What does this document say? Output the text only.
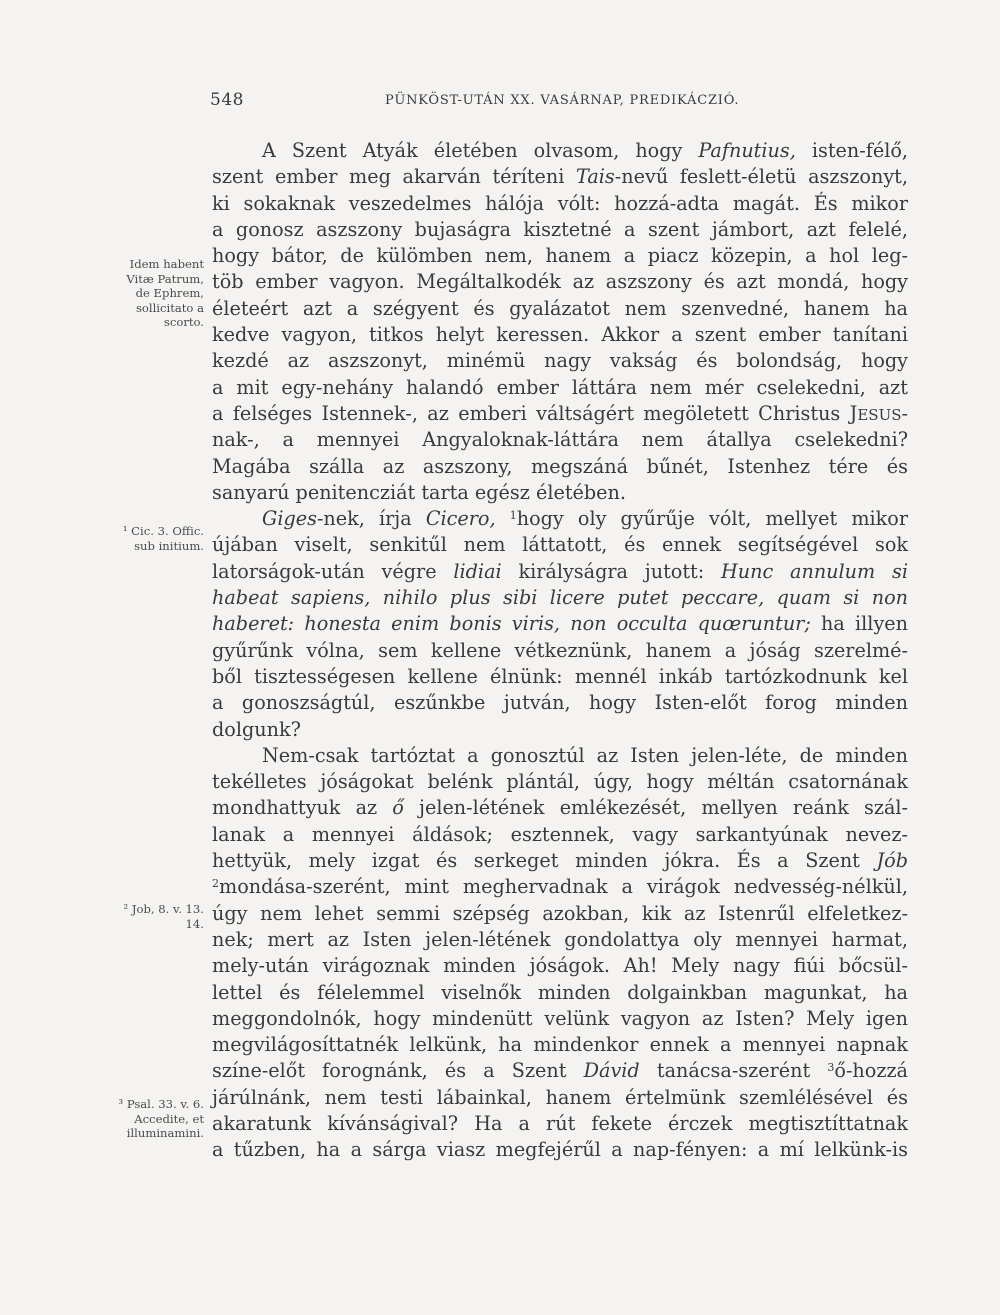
548	PÜNKÖST-UTÁN XX. VASÁRNAP, PREDIKÁCZIÓ.
Idem habent
Vitæ Patrum,
de Ephrem,
sollicitato a
scorto.
¹ Cic. 3. Offic.
sub initium.
² Job, 8. v. 13.
14.
³ Psal. 33. v. 6.
Accedite, et
illuminamini.
A Szent Atyák életében olvasom, hogy Pafnutius, isten-félő,
szent ember meg akarván téríteni Tais-nevű feslett-életü aszszonyt,
ki sokaknak veszedelmes hálója vólt: hozzá-adta magát. És mikor
a gonosz aszszony bujaságra kisztetné a szent jámbort, azt felelé,
hogy bátor, de külömben nem, hanem a piacz közepin, a hol leg-
töb ember vagyon. Megáltalkodék az aszszony és azt mondá, hogy
életeért azt a szégyent és gyalázatot nem szenvedné, hanem ha
kedve vagyon, titkos helyt keressen. Akkor a szent ember tanítani
kezdé az aszszonyt, minémü nagy vakság és bolondság, hogy
a mit egy-nehány halandó ember láttára nem mér cselekedni, azt
a felséges Istennek-, az emberi váltságért megöletett Christus JESUS-
nak-, a mennyei Angyaloknak-láttára nem átallya cselekedni?
Magába szálla az aszszony, megszáná bűnét, Istenhez tére és
sanyarú penitencziát tarta egész életében.
Giges-nek, írja Cicero, $^1$hogy oly gyűrűje vólt, mellyet mikor
újában viselt, senkitűl nem láttatott, és ennek segítségével sok
latorságok-után végre lidiai királyságra jutott: Hunc annulum si
habeat sapiens, nihilo plus sibi licere putet peccare, quam si non
haberet: honesta enim bonis viris, non occulta quœruntur; ha illyen
gyűrűnk vólna, sem kellene vétkeznünk, hanem a jóság szerelmé-
ből tisztességesen kellene élnünk: mennél inkáb tartózkodnunk kel
a gonoszságtúl, eszűnkbe jutván, hogy Isten-előt forog minden
dolgunk?
Nem-csak tartóztat a gonosztúl az Isten jelen-léte, de minden
tekélletes jóságokat belénk plántál, úgy, hogy méltán csatornának
mondhattyuk az ő jelen-létének emlékezését, mellyen reánk szál-
lanak a mennyei áldások; esztennek, vagy sarkantyúnak nevez-
hettyük, mely izgat és serkeget minden jókra. És a Szent Jób
$^2$mondása-szerént, mint meghervadnak a virágok nedvesség-nélkül,
úgy nem lehet semmi szépség azokban, kik az Istenrűl elfeletkez-
nek; mert az Isten jelen-létének gondolattya oly mennyei harmat,
mely-után virágoznak minden jóságok. Ah! Mely nagy fiúi bőcsül-
lettel és félelemmel viselnők minden dolgainkban magunkat, ha
meggondolnók, hogy mindenütt velünk vagyon az Isten? Mely igen
megvilágosíttatnék lelkünk, ha mindenkor ennek a mennyei napnak
színe-előt forognánk, és a Szent Dávid tanácsa-szerént $^3$ő-hozzá
járúlnánk, nem testi lábainkal, hanem értelmünk szemlélésével és
akaratunk kívánságival? Ha a rút fekete érczek megtisztíttatnak
a tűzben, ha a sárga viasz megfejérűl a nap-fényen: a mí lelkünk-is
